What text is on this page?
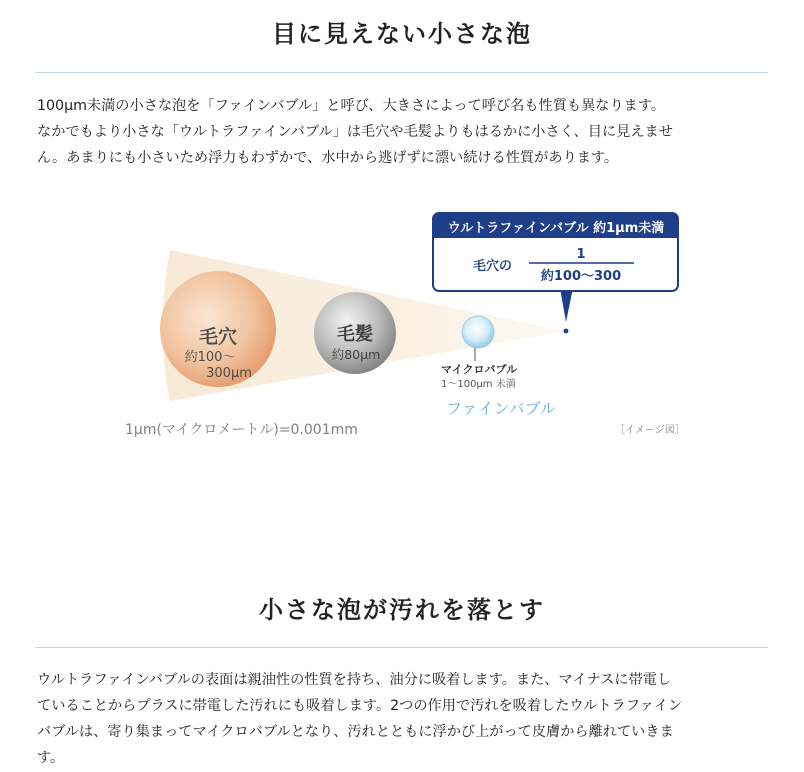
目に見えない小さな泡

100μm未満の小さな泡を「ファインバブル」と呼び、大きさによって呼び名も性質も異なります。
なかでもより小さな「ウルトラファインバブル」は毛穴や毛髪よりもはるかに小さく、目に見えませ
ん。あまりにも小さいため浮力もわずかで、水中から逃げずに漂い続ける性質があります。

毛穴
約100〜
300μm
毛髪
約80μm
マイクロバブル
1〜100μm 未満
ファインバブル
ウルトラファインバブル 約1μm未満
毛穴の
1
約100〜300
1μm(マイクロメートル)=0.001mm	［イメージ図］
小さな泡が汚れを落とす

ウルトラファインバブルの表面は親油性の性質を持ち、油分に吸着します。また、マイナスに帯電し
ていることからプラスに帯電した汚れにも吸着します。2つの作用で汚れを吸着したウルトラファイン
バブルは、寄り集まってマイクロバブルとなり、汚れとともに浮かび上がって皮膚から離れていきま
す。
